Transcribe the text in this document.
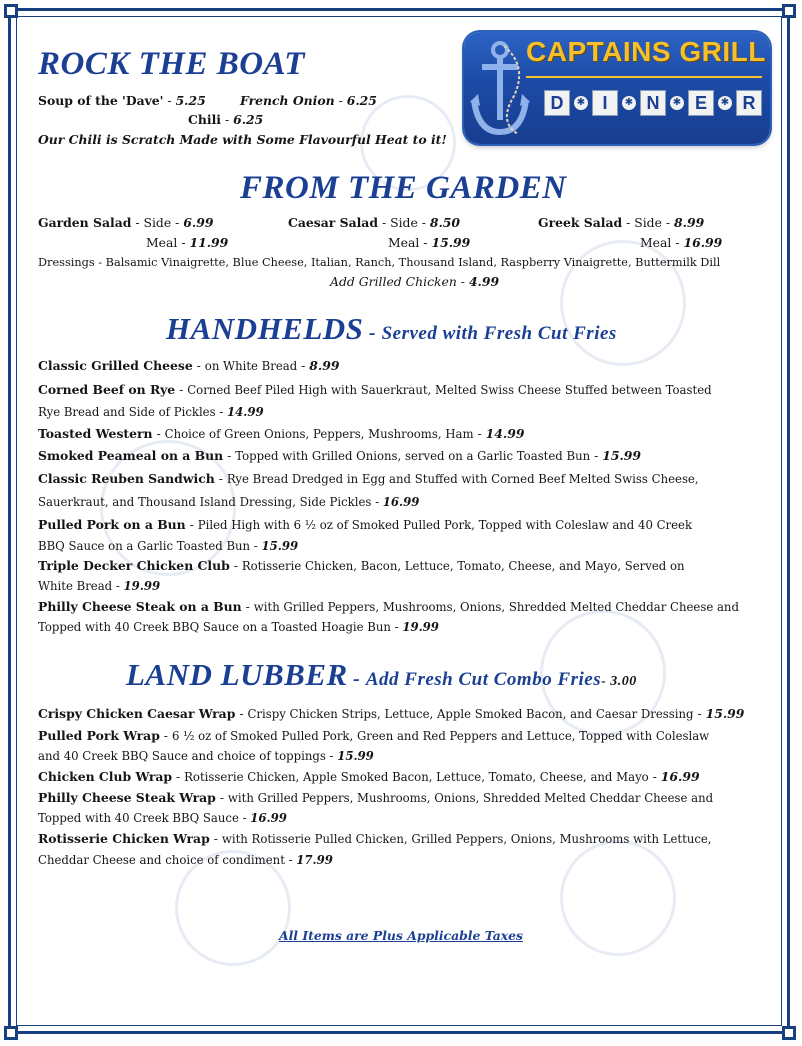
CAPTAINS GRILL
D	✱ I	✱ N	✱ E	✱ R
ROCK THE BOAT
Soup of the 'Dave' - 5.25	French Onion - 6.25
Chili - 6.25
Our Chili is Scratch Made with Some Flavourful Heat to it!
FROM THE GARDEN
Garden Salad - Side - 6.99
Meal - 11.99
Caesar Salad - Side - 8.50
Meal - 15.99
Greek Salad - Side - 8.99
Meal - 16.99
Dressings - Balsamic Vinaigrette, Blue Cheese, Italian, Ranch, Thousand Island, Raspberry Vinaigrette, Buttermilk Dill
Add Grilled Chicken - 4.99
HANDHELDS - Served with Fresh Cut Fries
Classic Grilled Cheese - on White Bread - 8.99
Corned Beef on Rye - Corned Beef Piled High with Sauerkraut, Melted Swiss Cheese Stuffed between Toasted
Rye Bread and Side of Pickles - 14.99
Toasted Western - Choice of Green Onions, Peppers, Mushrooms, Ham - 14.99
Smoked Peameal on a Bun - Topped with Grilled Onions, served on a Garlic Toasted Bun - 15.99
Classic Reuben Sandwich - Rye Bread Dredged in Egg and Stuffed with Corned Beef Melted Swiss Cheese,
Sauerkraut, and Thousand Island Dressing, Side Pickles - 16.99
Pulled Pork on a Bun - Piled High with 6 ½ oz of Smoked Pulled Pork, Topped with Coleslaw and 40 Creek
BBQ Sauce on a Garlic Toasted Bun - 15.99
Triple Decker Chicken Club - Rotisserie Chicken, Bacon, Lettuce, Tomato, Cheese, and Mayo, Served on
White Bread - 19.99
Philly Cheese Steak on a Bun - with Grilled Peppers, Mushrooms, Onions, Shredded Melted Cheddar Cheese and
Topped with 40 Creek BBQ Sauce on a Toasted Hoagie Bun - 19.99
LAND LUBBER - Add Fresh Cut Combo Fries- 3.00
Crispy Chicken Caesar Wrap - Crispy Chicken Strips, Lettuce, Apple Smoked Bacon, and Caesar Dressing - 15.99
Pulled Pork Wrap - 6 ½ oz of Smoked Pulled Pork, Green and Red Peppers and Lettuce, Topped with Coleslaw
and 40 Creek BBQ Sauce and choice of toppings - 15.99
Chicken Club Wrap - Rotisserie Chicken, Apple Smoked Bacon, Lettuce, Tomato, Cheese, and Mayo - 16.99
Philly Cheese Steak Wrap - with Grilled Peppers, Mushrooms, Onions, Shredded Melted Cheddar Cheese and
Topped with 40 Creek BBQ Sauce - 16.99
Rotisserie Chicken Wrap - with Rotisserie Pulled Chicken, Grilled Peppers, Onions, Mushrooms with Lettuce,
Cheddar Cheese and choice of condiment - 17.99
All Items are Plus Applicable Taxes
